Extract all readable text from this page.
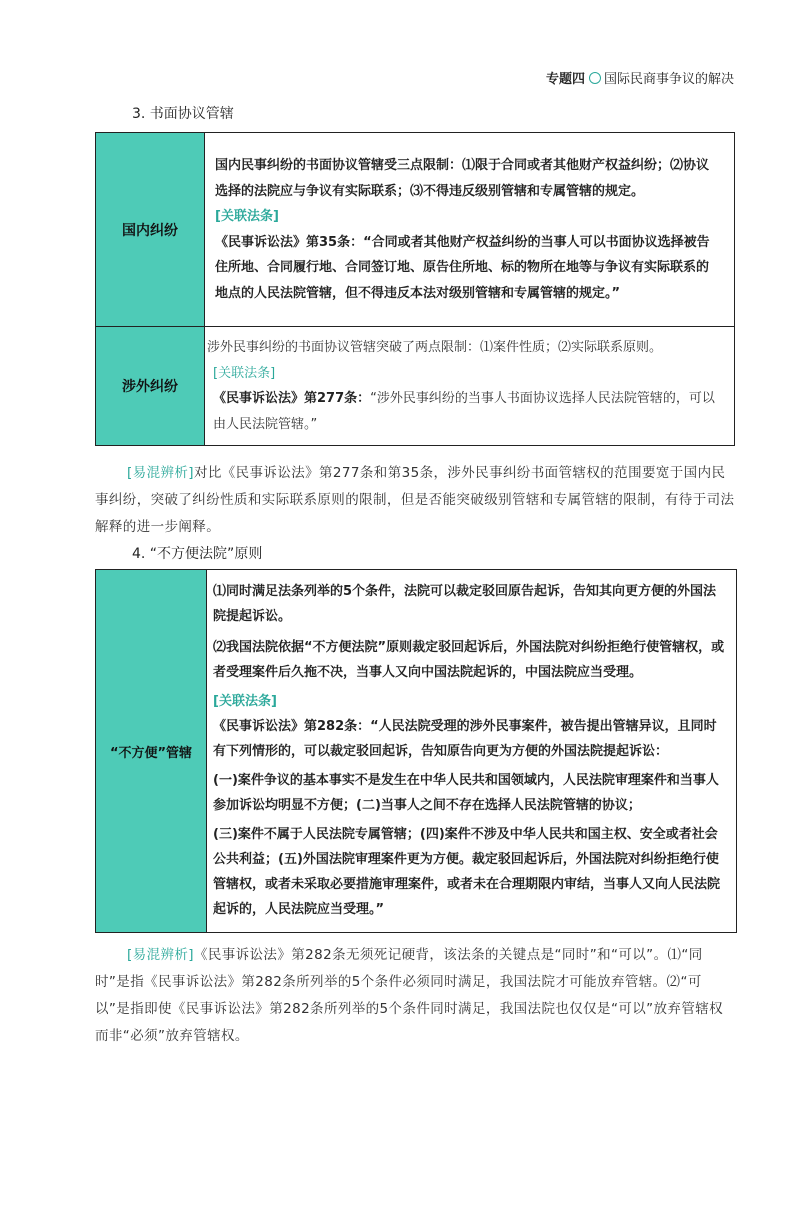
专题四 国际民商事争议的解决
3. 书面协议管辖
国内纠纷	国内民事纠纷的书面协议管辖受三点限制：⑴限于合同或者其他财产权益纠纷；⑵协议选择的法院应与争议有实际联系；⑶不得违反级别管辖和专属管辖的规定。
[关联法条]
《民事诉讼法》第35条：“合同或者其他财产权益纠纷的当事人可以书面协议选择被告住所地、合同履行地、合同签订地、原告住所地、标的物所在地等与争议有实际联系的地点的人民法院管辖，但不得违反本法对级别管辖和专属管辖的规定。”

涉外纠纷	涉外民事纠纷的书面协议管辖突破了两点限制：⑴案件性质；⑵实际联系原则。
[关联法条]
《民事诉讼法》第277条：“涉外民事纠纷的当事人书面协议选择人民法院管辖的，可以由人民法院管辖。”
[易混辨析]对比《民事诉讼法》第277条和第35条，涉外民事纠纷书面管辖权的范围要宽于国内民事纠纷，突破了纠纷性质和实际联系原则的限制，但是否能突破级别管辖和专属管辖的限制，有待于司法解释的进一步阐释。
4. “不方便法院”原则
“不方便”管辖	
⑴同时满足法条列举的5个条件，法院可以裁定驳回原告起诉，告知其向更方便的外国法院提起诉讼。
⑵我国法院依据“不方便法院”原则裁定驳回起诉后，外国法院对纠纷拒绝行使管辖权，或者受理案件后久拖不决，当事人又向中国法院起诉的，中国法院应当受理。
[关联法条]
《民事诉讼法》第282条：“人民法院受理的涉外民事案件，被告提出管辖异议，且同时有下列情形的，可以裁定驳回起诉，告知原告向更为方便的外国法院提起诉讼：
(一)案件争议的基本事实不是发生在中华人民共和国领域内，人民法院审理案件和当事人参加诉讼均明显不方便；(二)当事人之间不存在选择人民法院管辖的协议；
(三)案件不属于人民法院专属管辖；(四)案件不涉及中华人民共和国主权、安全或者社会公共利益；(五)外国法院审理案件更为方便。裁定驳回起诉后，外国法院对纠纷拒绝行使管辖权，或者未采取必要措施审理案件，或者未在合理期限内审结，当事人又向人民法院起诉的，人民法院应当受理。”
[易混辨析]《民事诉讼法》第282条无须死记硬背，该法条的关键点是“同时”和“可以”。⑴“同时”是指《民事诉讼法》第282条所列举的5个条件必须同时满足，我国法院才可能放弃管辖。⑵“可以”是指即使《民事诉讼法》第282条所列举的5个条件同时满足，我国法院也仅仅是“可以”放弃管辖权而非“必须”放弃管辖权。
